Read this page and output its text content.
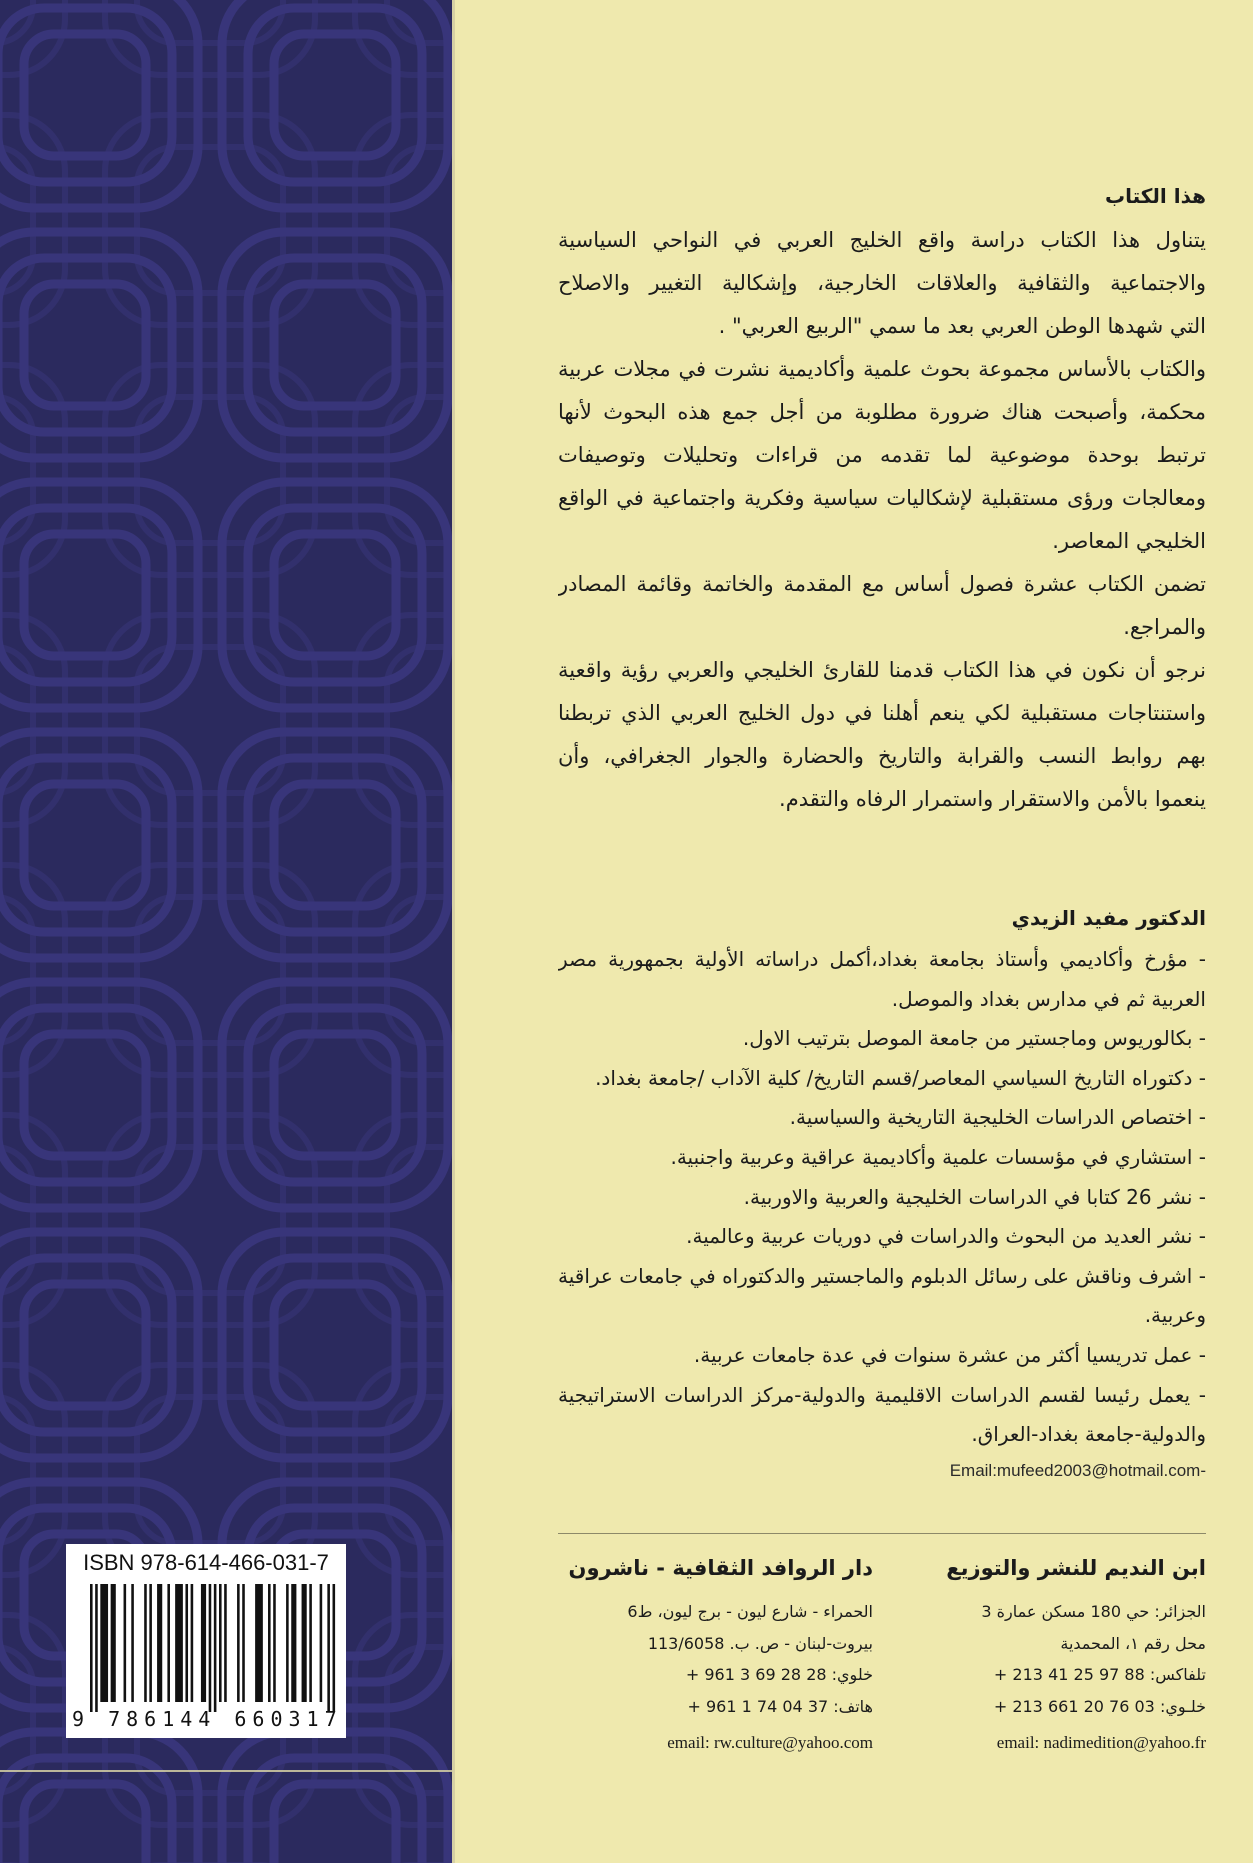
ISBN 978-614-466-031-7
9 786144 660317
هذا الكتاب
يتناول هذا الكتاب دراسة واقع الخليج العربي في النواحي السياسية
والاجتماعية والثقافية والعلاقات الخارجية، وإشكالية التغيير والاصلاح
التي شهدها الوطن العربي بعد ما سمي "الربيع العربي" .
والكتاب بالأساس مجموعة بحوث علمية وأكاديمية نشرت في مجلات عربية
محكمة، وأصبحت هناك ضرورة مطلوبة من أجل جمع هذه البحوث لأنها
ترتبط بوحدة موضوعية لما تقدمه من قراءات وتحليلات وتوصيفات
ومعالجات ورؤى مستقبلية لإشكاليات سياسية وفكرية واجتماعية في الواقع
الخليجي المعاصر.
تضمن الكتاب عشرة فصول أساس مع المقدمة والخاتمة وقائمة المصادر
والمراجع.
نرجو أن نكون في هذا الكتاب قدمنا للقارئ الخليجي والعربي رؤية واقعية
واستنتاجات مستقبلية لكي ينعم أهلنا في دول الخليج العربي الذي تربطنا
بهم روابط النسب والقرابة والتاريخ والحضارة والجوار الجغرافي، وأن
ينعموا بالأمن والاستقرار واستمرار الرفاه والتقدم.
الدكتور مفيد الزيدي
- مؤرخ وأكاديمي وأستاذ بجامعة بغداد،أكمل دراساته الأولية بجمهورية مصر
العربية ثم في مدارس بغداد والموصل.
- بكالوريوس وماجستير من جامعة الموصل بترتيب الاول.
- دكتوراه التاريخ السياسي المعاصر/قسم التاريخ/ كلية الآداب /جامعة بغداد.
- اختصاص الدراسات الخليجية التاريخية والسياسية.
- استشاري في مؤسسات علمية وأكاديمية عراقية وعربية واجنبية.
- نشر 26 كتابا في الدراسات الخليجية والعربية والاوربية.
- نشر العديد من البحوث والدراسات في دوريات عربية وعالمية.
- اشرف وناقش على رسائل الدبلوم والماجستير والدكتوراه في جامعات عراقية
وعربية.
- عمل تدريسيا أكثر من عشرة سنوات في عدة جامعات عربية.
- يعمل رئيسا لقسم الدراسات الاقليمية والدولية-مركز الدراسات الاستراتيجية
والدولية-جامعة بغداد-العراق.
Email:mufeed2003@hotmail.com-
ابن النديم للنشر والتوزيع
الجزائر: حي 180 مسكن عمارة 3
محل رقم ١، المحمدية
تلفاكس: 88 97 25 41 213 +
خلـوي: 03 76 20 661 213 +
email: nadimedition@yahoo.fr
دار الروافد الثقافية - ناشرون
الحمراء - شارع ليون - برج ليون، ط6
بيروت-لبنان - ص. ب. 113/6058
خلوي: 28 28 69 3 961 +
هاتف: 37 04 74 1 961 +
email: rw.culture@yahoo.com
